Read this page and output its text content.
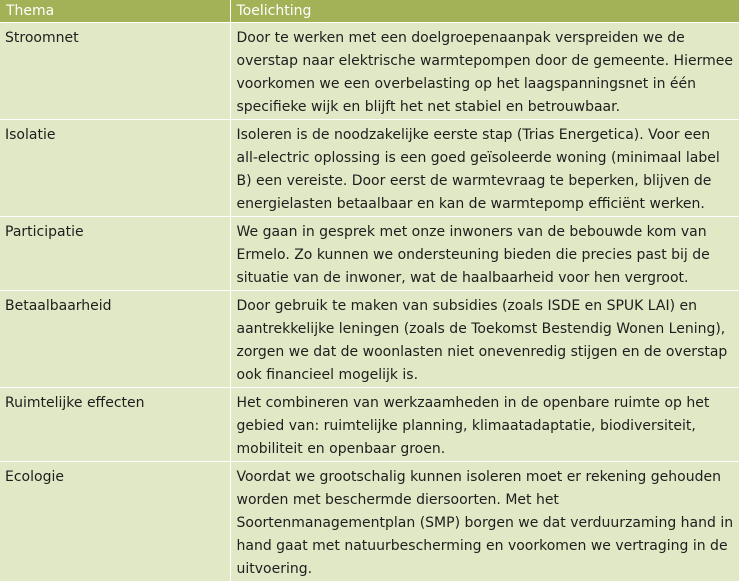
Thema	Toelichting
Stroomnet	Door te werken met een doelgroepenaanpak verspreiden we de overstap naar elektrische warmtepompen door de gemeente. Hiermee voorkomen we een overbelasting op het laagspanningsnet in één specifieke wijk en blijft het net stabiel en betrouwbaar.
Isolatie	Isoleren is de noodzakelijke eerste stap (Trias Energetica). Voor een all-electric oplossing is een goed geïsoleerde woning (minimaal label B) een vereiste. Door eerst de warmtevraag te beperken, blijven de energielasten betaalbaar en kan de warmtepomp efficiënt werken.
Participatie	We gaan in gesprek met onze inwoners van de bebouwde kom van Ermelo. Zo kunnen we ondersteuning bieden die precies past bij de situatie van de inwoner, wat de haalbaarheid voor hen vergroot.
Betaalbaarheid	Door gebruik te maken van subsidies (zoals ISDE en SPUK LAI) en aantrekkelijke leningen (zoals de Toekomst Bestendig Wonen Lening), zorgen we dat de woonlasten niet onevenredig stijgen en de overstap ook financieel mogelijk is.
Ruimtelijke effecten	Het combineren van werkzaamheden in de openbare ruimte op het gebied van: ruimtelijke planning, klimaatadaptatie, biodiversiteit, mobiliteit en openbaar groen.
Ecologie	Voordat we grootschalig kunnen isoleren moet er rekening gehouden worden met beschermde diersoorten. Met het Soortenmanagementplan (SMP) borgen we dat verduurzaming hand in hand gaat met natuurbescherming en voorkomen we vertraging in de uitvoering.
